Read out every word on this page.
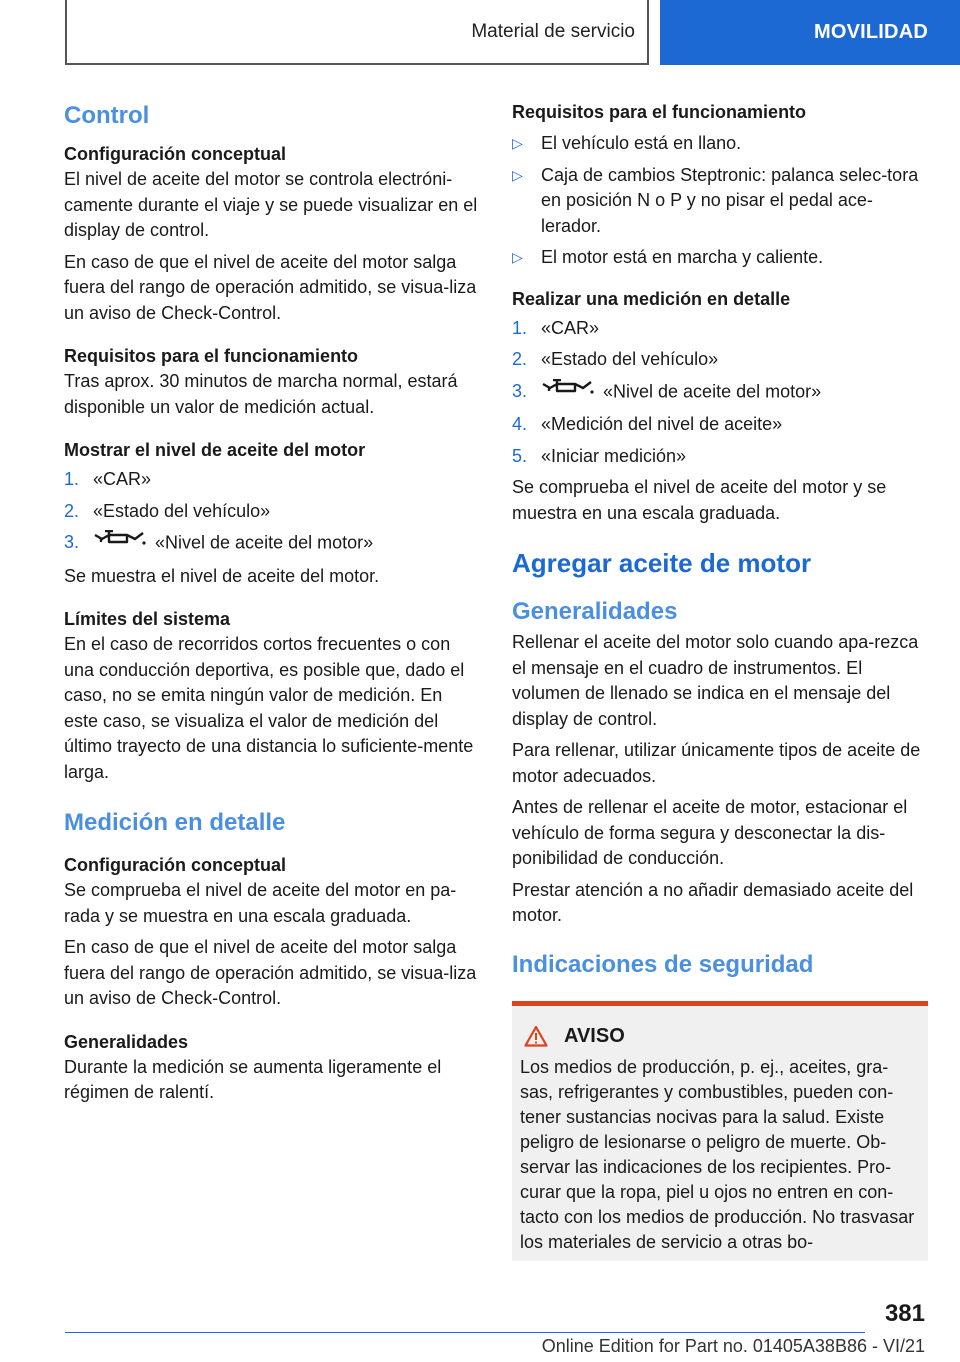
Material de servicio	MOVILIDAD
Control
Configuración conceptual

El nivel de aceite del motor se controla electróni-camente durante el viaje y se puede visualizar en el display de control.

En caso de que el nivel de aceite del motor salga fuera del rango de operación admitido, se visua-liza un aviso de Check-Control.

Requisitos para el funcionamiento

Tras aprox. 30 minutos de marcha normal, estará disponible un valor de medición actual.

Mostrar el nivel de aceite del motor
1. «CAR»
2. «Estado del vehículo»
3.	«Nivel de aceite del motor»

Se muestra el nivel de aceite del motor.

Límites del sistema

En el caso de recorridos cortos frecuentes o con una conducción deportiva, es posible que, dado el caso, no se emita ningún valor de medición. En este caso, se visualiza el valor de medición del último trayecto de una distancia lo suficiente-mente larga.

Medición en detalle
Configuración conceptual

Se comprueba el nivel de aceite del motor en pa-rada y se muestra en una escala graduada.

En caso de que el nivel de aceite del motor salga fuera del rango de operación admitido, se visua-liza un aviso de Check-Control.

Generalidades

Durante la medición se aumenta ligeramente el régimen de ralentí.

Requisitos para el funcionamiento
▷ El vehículo está en llano.
▷ Caja de cambios Steptronic: palanca selec-tora en posición N o P y no pisar el pedal ace-lerador.
▷ El motor está en marcha y caliente.
Realizar una medición en detalle
1. «CAR»
2. «Estado del vehículo»
3.	«Nivel de aceite del motor»
4. «Medición del nivel de aceite»
5. «Iniciar medición»

Se comprueba el nivel de aceite del motor y se muestra en una escala graduada.

Agregar aceite de motor
Generalidades

Rellenar el aceite del motor solo cuando apa-rezca el mensaje en el cuadro de instrumentos. El volumen de llenado se indica en el mensaje del display de control.

Para rellenar, utilizar únicamente tipos de aceite de motor adecuados.

Antes de rellenar el aceite de motor, estacionar el vehículo de forma segura y desconectar la dis-ponibilidad de conducción.

Prestar atención a no añadir demasiado aceite del motor.

Indicaciones de seguridad
AVISO

Los medios de producción, p. ej., aceites, gra-sas, refrigerantes y combustibles, pueden con-tener sustancias nocivas para la salud. Existe peligro de lesionarse o peligro de muerte. Ob-servar las indicaciones de los recipientes. Pro-curar que la ropa, piel u ojos no entren en con-tacto con los medios de producción. No trasvasar los materiales de servicio a otras bo-

381
Online Edition for Part no. 01405A38B86 - VI/21
